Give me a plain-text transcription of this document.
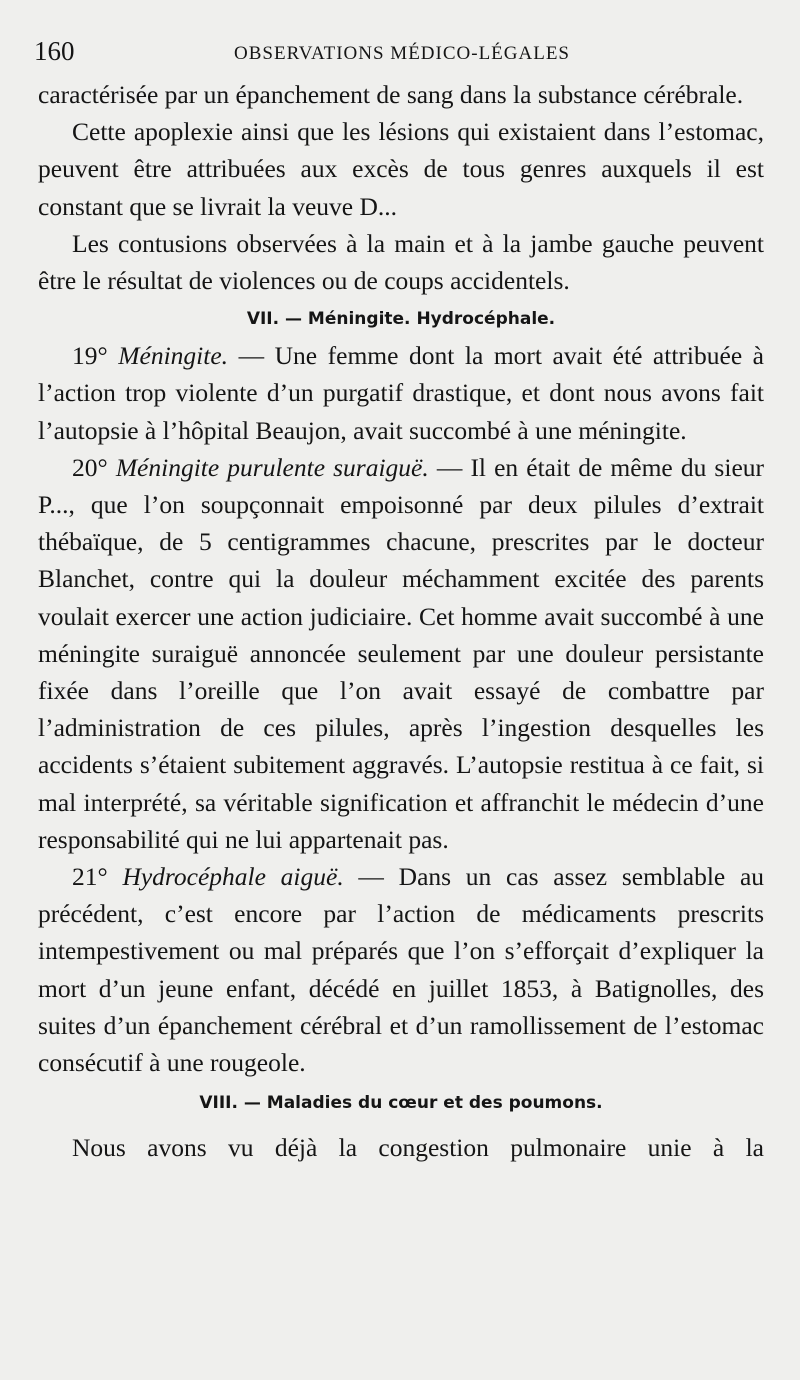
160	OBSERVATIONS MÉDICO-LÉGALES

caractérisée par un épanchement de sang dans la substance cérébrale.

Cette apoplexie ainsi que les lésions qui existaient dans l’estomac, peuvent être attribuées aux excès de tous genres auxquels il est constant que se livrait la veuve D...

Les contusions observées à la main et à la jambe gauche peuvent être le résultat de violences ou de coups accidentels.

VII. — Méningite. Hydrocéphale.

19° Méningite. — Une femme dont la mort avait été attribuée à l’action trop violente d’un purgatif drastique, et dont nous avons fait l’autopsie à l’hôpital Beaujon, avait succombé à une méningite.

20° Méningite purulente suraiguë. — Il en était de même du sieur P..., que l’on soupçonnait empoisonné par deux pilules d’extrait thébaïque, de 5 centigrammes chacune, prescrites par le docteur Blanchet, contre qui la douleur méchamment excitée des parents voulait exercer une action judiciaire. Cet homme avait succombé à une méningite suraiguë annoncée seulement par une douleur persistante fixée dans l’oreille que l’on avait essayé de combattre par l’administration de ces pilules, après l’ingestion desquelles les accidents s’étaient subitement aggravés. L’autopsie restitua à ce fait, si mal interprété, sa véritable signification et affranchit le médecin d’une responsabilité qui ne lui appartenait pas.

21° Hydrocéphale aiguë. — Dans un cas assez semblable au précédent, c’est encore par l’action de médicaments prescrits intempestivement ou mal préparés que l’on s’efforçait d’expliquer la mort d’un jeune enfant, décédé en juillet 1853, à Batignolles, des suites d’un épanchement cérébral et d’un ramollissement de l’estomac consécutif à une rougeole.

VIII. — Maladies du cœur et des poumons.

Nous avons vu déjà la congestion pulmonaire unie à la
